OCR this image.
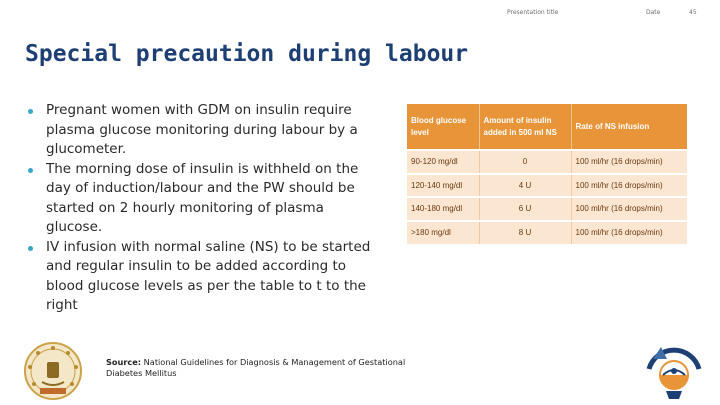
Presentation title	Date	45
Special precaution during labour
Pregnant women with GDM on insulin require plasma glucose monitoring during labour by a glucometer.
The morning dose of insulin is withheld on the day of induction/labour and the PW should be started on 2 hourly monitoring of plasma glucose.
IV infusion with normal saline (NS) to be started and regular insulin to be added according to blood glucose levels as per the table to t to the right
Blood glucose level	Amount of insulin added in 500 ml NS	Rate of NS infusion
90-120 mg/dl	0	100 ml/hr (16 drops/min)
120-140 mg/dl	4 U	100 ml/hr (16 drops/min)
140-180 mg/dl	6 U	100 ml/hr (16 drops/min)
>180 mg/dl	8 U	100 ml/hr (16 drops/min)
Source: National Guidelines for Diagnosis & Management of Gestational Diabetes Mellitus
